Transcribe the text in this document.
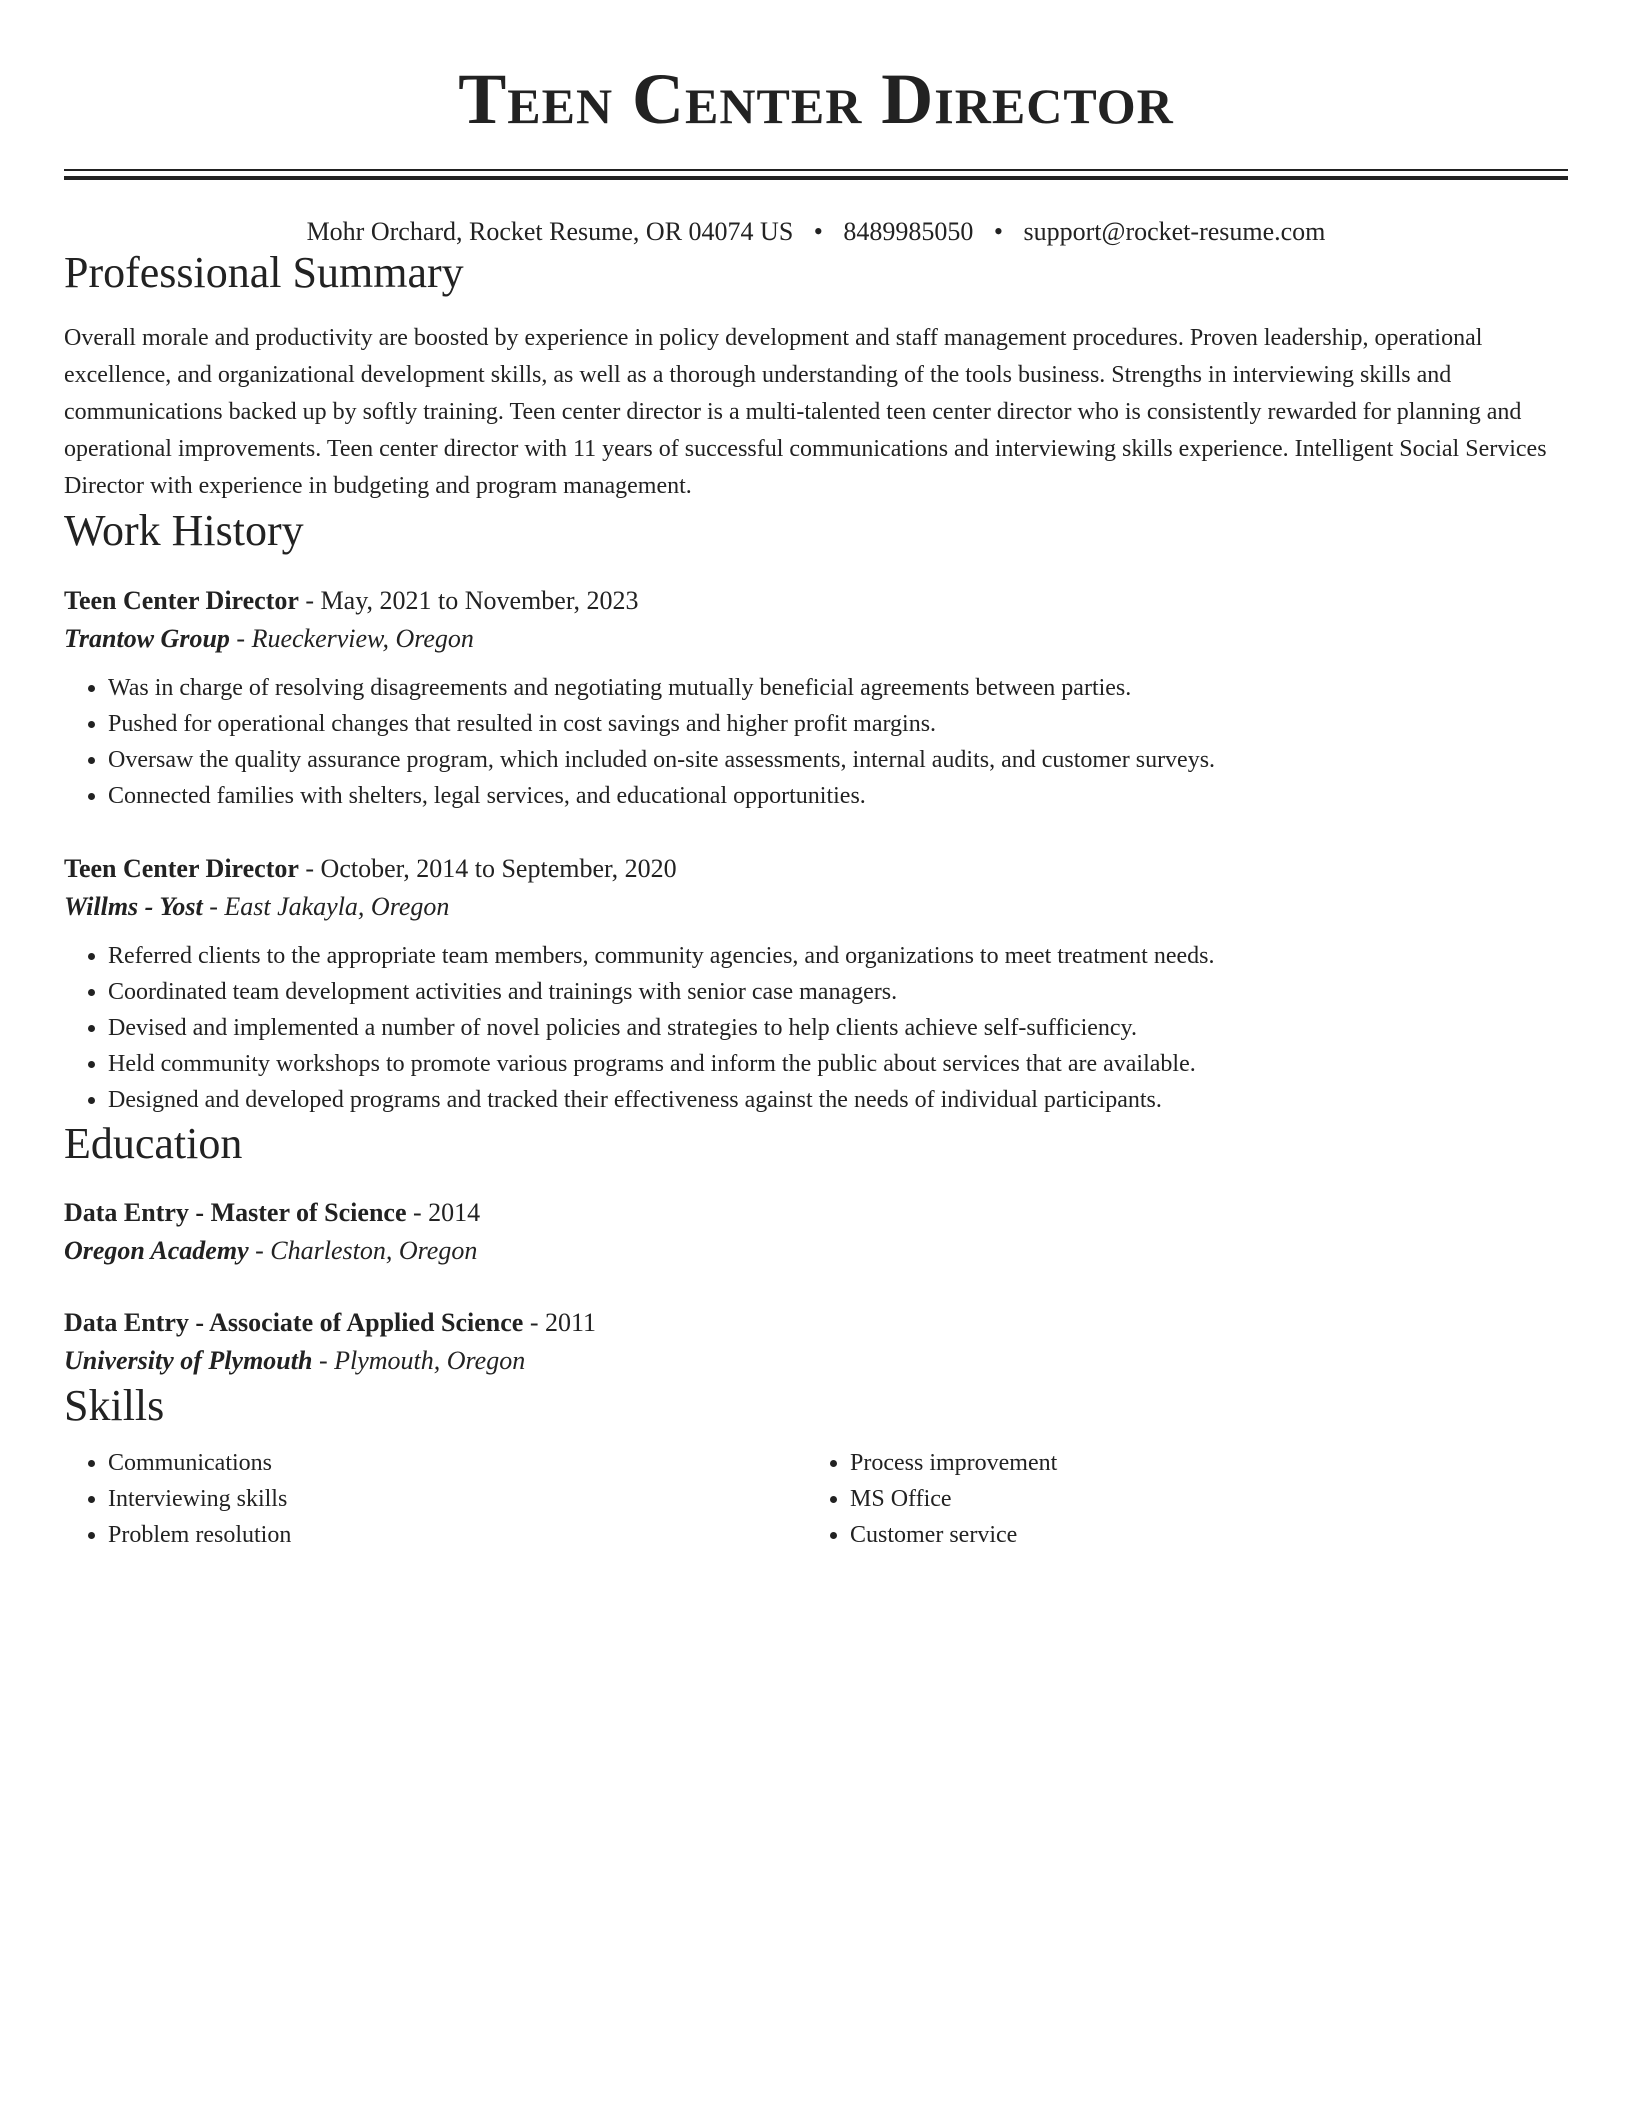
Teen Center Director
Mohr Orchard, Rocket Resume, OR 04074 US • 8489985050 • support@rocket-resume.com
Professional Summary

Overall morale and productivity are boosted by experience in policy development and staff management procedures. Proven leadership, operational excellence, and organizational development skills, as well as a thorough understanding of the tools business. Strengths in interviewing skills and communications backed up by softly training. Teen center director is a multi-talented teen center director who is consistently rewarded for planning and operational improvements. Teen center director with 11 years of successful communications and interviewing skills experience. Intelligent Social Services Director with experience in budgeting and program management.

Work History
Teen Center Director - May, 2021 to November, 2023
Trantow Group - Rueckerview, Oregon
• Was in charge of resolving disagreements and negotiating mutually beneficial agreements between parties.
• Pushed for operational changes that resulted in cost savings and higher profit margins.
• Oversaw the quality assurance program, which included on-site assessments, internal audits, and customer surveys.
• Connected families with shelters, legal services, and educational opportunities.
Teen Center Director - October, 2014 to September, 2020
Willms - Yost - East Jakayla, Oregon
• Referred clients to the appropriate team members, community agencies, and organizations to meet treatment needs.
• Coordinated team development activities and trainings with senior case managers.
• Devised and implemented a number of novel policies and strategies to help clients achieve self-sufficiency.
• Held community workshops to promote various programs and inform the public about services that are available.
• Designed and developed programs and tracked their effectiveness against the needs of individual participants.
Education
Data Entry - Master of Science - 2014
Oregon Academy - Charleston, Oregon
Data Entry - Associate of Applied Science - 2011
University of Plymouth - Plymouth, Oregon
Skills
• Communications
• Interviewing skills
• Problem resolution
• Process improvement
• MS Office
• Customer service
